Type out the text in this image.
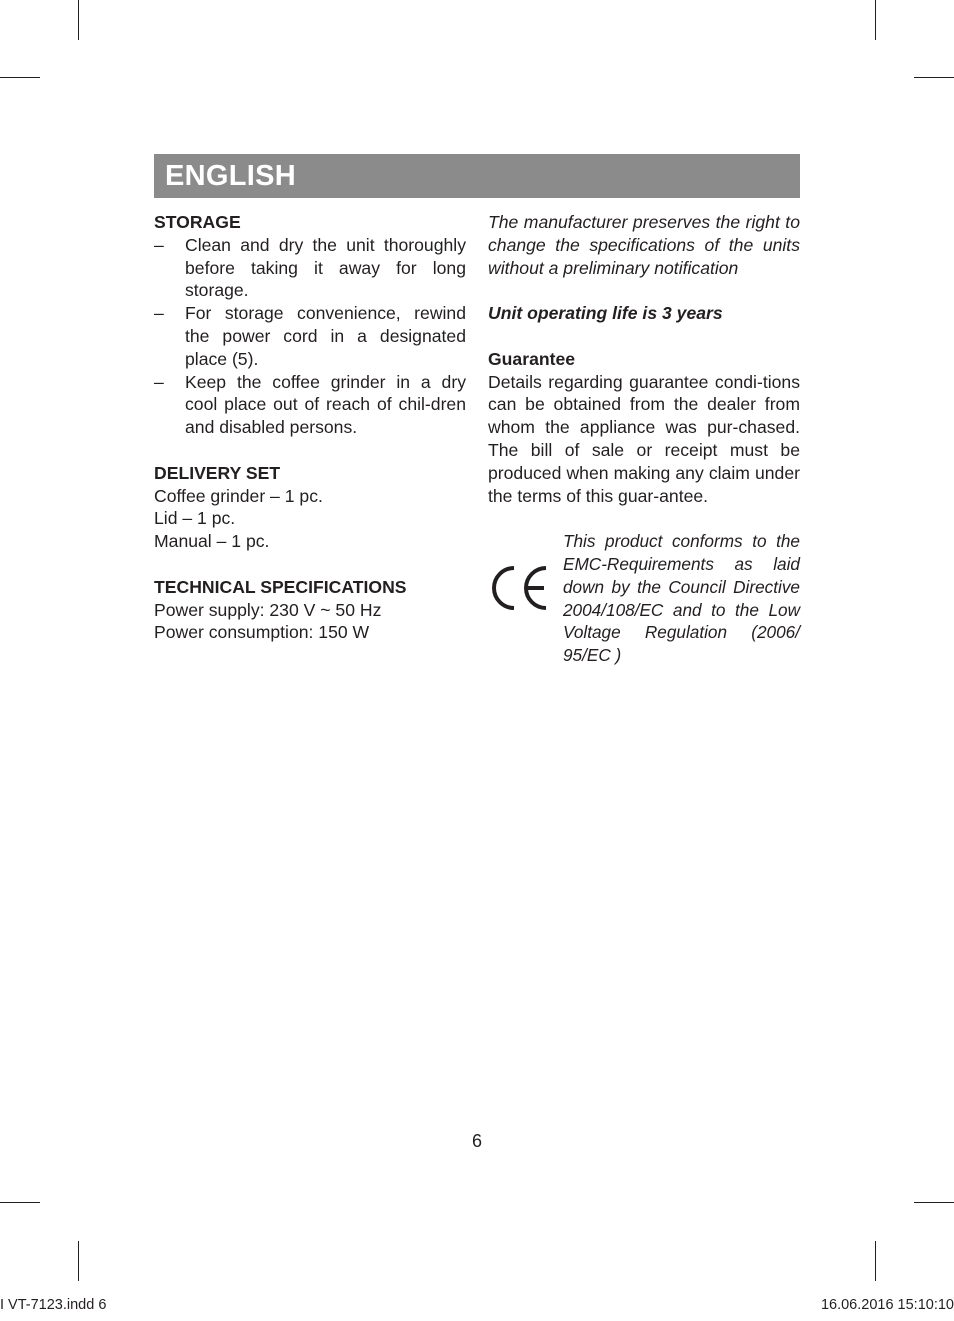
ENGLISH
STORAGE
– Clean and dry the unit thoroughly before taking it away for long storage.
– For storage convenience, rewind the power cord in a designated place (5).
– Keep the coffee grinder in a dry cool place out of reach of chil-dren and disabled persons.
DELIVERY SET
Coffee grinder – 1 pc.
Lid – 1 pc.
Manual – 1 pc.
TECHNICAL SPECIFICATIONS
Power supply: 230 V ~ 50 Hz
Power consumption: 150 W
The manufacturer preserves the right to change the specifications of the units without a preliminary notification
Unit operating life is 3 years
Guarantee
Details regarding guarantee condi-tions can be obtained from the dealer from whom the appliance was pur-chased. The bill of sale or receipt must be produced when making any claim under the terms of this guar-antee.
This product conforms to the EMC-Requirements as laid down by the Council Directive 2004/108/EC and to the Low Voltage Regulation (2006/ 95/EC )
6
I VT-7123.indd 6	16.06.2016 15:10:10
